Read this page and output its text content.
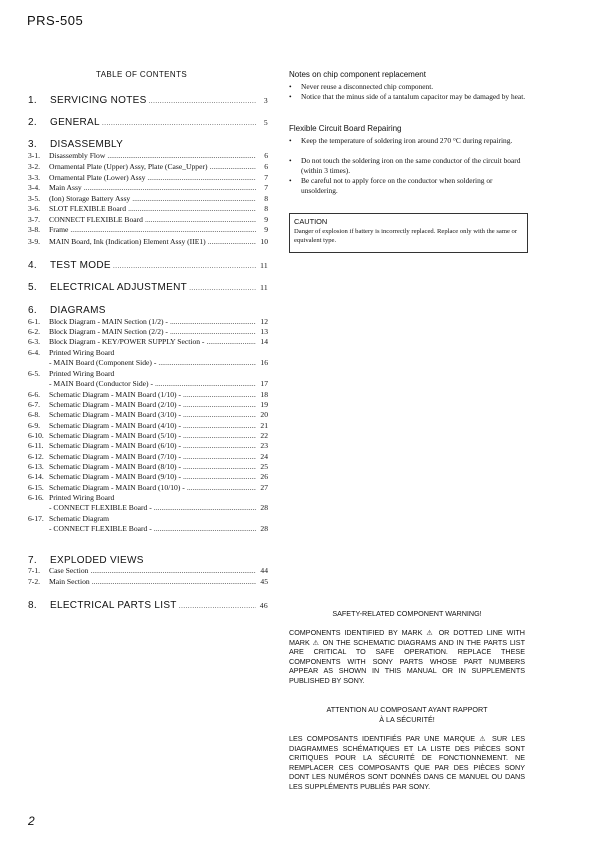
PRS-505
TABLE OF CONTENTS
1.	SERVICING NOTES .....	3
2.	GENERAL .....	5
3.	DISASSEMBLY
3-1.	Disassembly Flow .....	6
3-2.	Ornamental Plate (Upper) Assy, Plate (Case_Upper) .....	6
3-3.	Ornamental Plate (Lower) Assy .....	7
3-4.	Main Assy .....	7
3-5.	(Ion) Storage Battery Assy .....	8
3-6.	SLOT FLEXIBLE Board .....	8
3-7.	CONNECT FLEXIBLE Board .....	9
3-8.	Frame .....	9
3-9.	MAIN Board, Ink (Indication) Element Assy (IIE1) .....	10
4.	TEST MODE .....	11
5.	ELECTRICAL ADJUSTMENT .....	11
6.	DIAGRAMS
6-1.	Block Diagram - MAIN Section (1/2) - .....	12
6-2.	Block Diagram - MAIN Section (2/2) - .....	13
6-3.	Block Diagram - KEY/POWER SUPPLY Section - .....	14
6-4.	Printed Wiring Board
- MAIN Board (Component Side) - .....	16
6-5.	Printed Wiring Board
- MAIN Board (Conductor Side) - .....	17
6-6.	Schematic Diagram - MAIN Board (1/10) - .....	18
6-7.	Schematic Diagram - MAIN Board (2/10) - .....	19
6-8.	Schematic Diagram - MAIN Board (3/10) - .....	20
6-9.	Schematic Diagram - MAIN Board (4/10) - .....	21
6-10. Schematic Diagram - MAIN Board (5/10) - .....	22
6-11. Schematic Diagram - MAIN Board (6/10) - .....	23
6-12. Schematic Diagram - MAIN Board (7/10) - .....	24
6-13. Schematic Diagram - MAIN Board (8/10) - .....	25
6-14. Schematic Diagram - MAIN Board (9/10) - .....	26
6-15. Schematic Diagram - MAIN Board (10/10) - .....	27
6-16. Printed Wiring Board
- CONNECT FLEXIBLE Board - .....	28
6-17. Schematic Diagram
- CONNECT FLEXIBLE Board - .....	28
7.	EXPLODED VIEWS
7-1.	Case Section .....	44
7-2.	Main Section .....	45
8.	ELECTRICAL PARTS LIST .....	46
Notes on chip component replacement
• Never reuse a disconnected chip component.
• Notice that the minus side of a tantalum capacitor may be damaged by heat.
Flexible Circuit Board Repairing
• Keep the temperature of soldering iron around 270 °C during repairing.
• Do not touch the soldering iron on the same conductor of the circuit board (within 3 times).
• Be careful not to apply force on the conductor when soldering or unsoldering.
CAUTION
Danger of explosion if battery is incorrectly replaced. Replace only with the same or equivalent type.
SAFETY-RELATED COMPONENT WARNING!
COMPONENTS IDENTIFIED BY MARK ⚠ OR DOTTED LINE WITH MARK ⚠ ON THE SCHEMATIC DIAGRAMS AND IN THE PARTS LIST ARE CRITICAL TO SAFE OPERATION. REPLACE THESE COMPONENTS WITH SONY PARTS WHOSE PART NUMBERS APPEAR AS SHOWN IN THIS MANUAL OR IN SUPPLEMENTS PUBLISHED BY SONY.
ATTENTION AU COMPOSANT AYANT RAPPORT
À LA SÉCURITÉ!
LES COMPOSANTS IDENTIFIÉS PAR UNE MARQUE ⚠ SUR LES DIAGRAMMES SCHÉMATIQUES ET LA LISTE DES PIÈCES SONT CRITIQUES POUR LA SÉCURITÉ DE FONCTIONNEMENT. NE REMPLACER CES COMPOSANTS QUE PAR DES PIÈCES SONY DONT LES NUMÉROS SONT DONNÉS DANS CE MANUEL OU DANS LES SUPPLÉMENTS PUBLIÉS PAR SONY.
2
